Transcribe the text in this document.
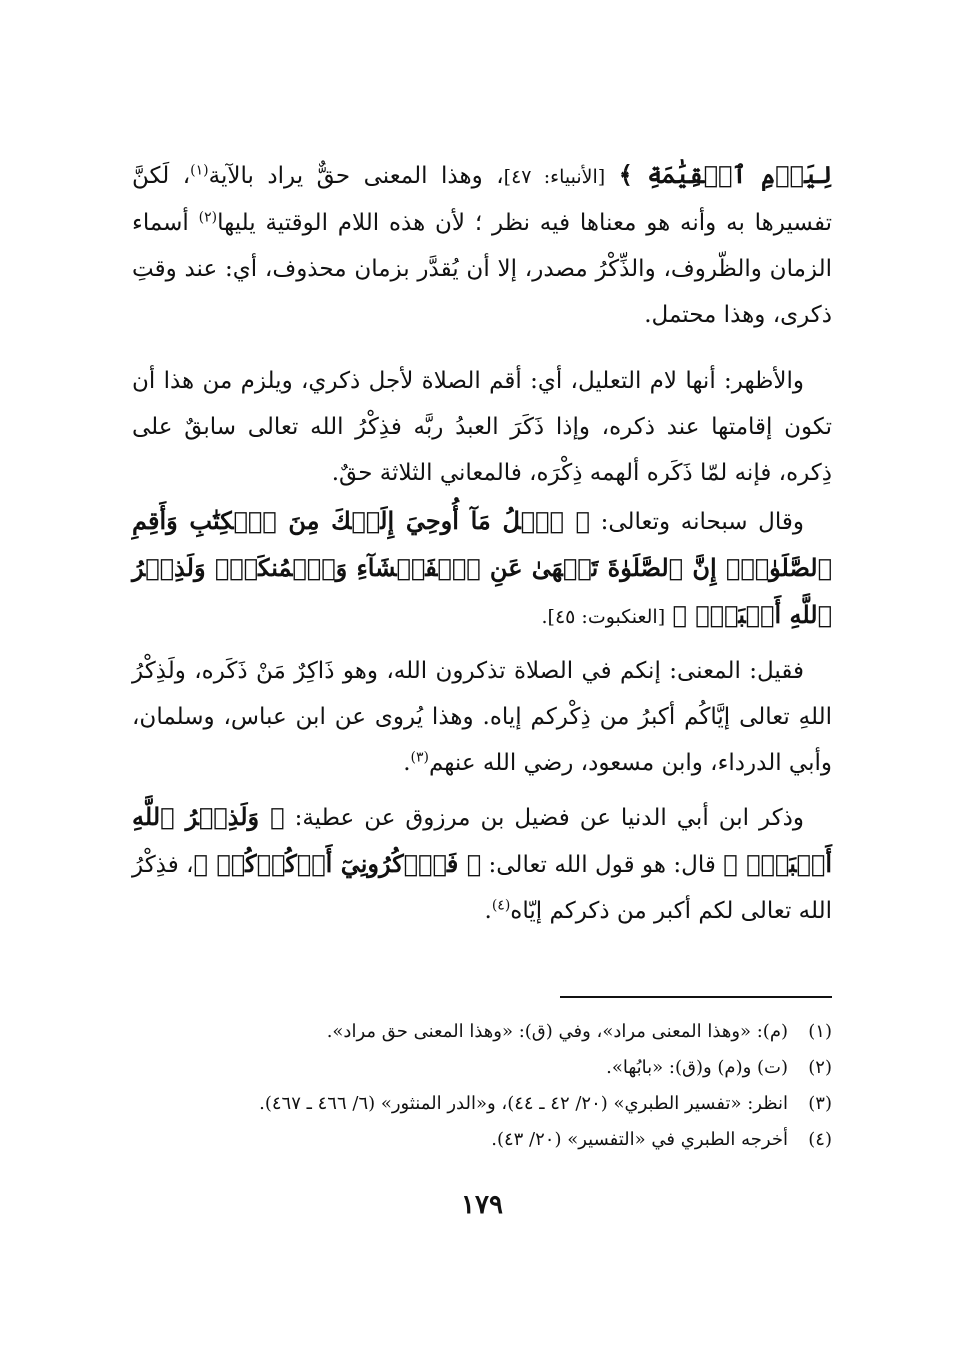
لِيَوۡمِ ٱلۡقِيَٰمَةِ ﴾ [الأنبياء: ٤٧]، وهذا المعنى حقٌّ يراد بالآية$^{(١)}$، لَكنَّ تفسيرها به وأنه هو معناها فيه نظر ؛ لأن هذه اللام الوقتية يليها$^{(٢)}$ أسماء الزمان والظّروف، والذِّكْرُ مصدر، إلا أن يُقدَّر بزمان محذوف، أي: عند وقتِ ذكرى، وهذا محتمل.

والأظهر: أنها لام التعليل، أي: أقم الصلاة لأجل ذكري، ويلزم من هذا أن تكون إقامتها عند ذكره، وإذا ذَكَرَ العبدُ ربَّه فذِكْرُ الله تعالى سابقٌ على ذِكره، فإنه لمّا ذَكَره ألهمه ذِكْرَه، فالمعاني الثلاثة حقٌ.

وقال سبحانه وتعالى: ﴿ ٱتۡلُ مَآ أُوحِيَ إِلَيۡكَ مِنَ ٱلۡكِتَٰبِ وَأَقِمِ ٱلصَّلَوٰةَۖ إِنَّ ٱلصَّلَوٰةَ تَنۡهَىٰ عَنِ ٱلۡفَحۡشَآءِ وَٱلۡمُنكَرِۗ وَلَذِكۡرُ ٱللَّهِ أَكۡبَرُۗ ﴾ [العنكبوت: ٤٥].

فقيل: المعنى: إنكم في الصلاة تذكرون الله، وهو ذَاكِرٌ مَنْ ذَكَره، ولَذِكْرُ اللهِ تعالى إيَّاكُم أكبرُ من ذِكْركم إياه. وهذا يُروى عن ابن عباس، وسلمان، وأبي الدرداء، وابن مسعود، رضي الله عنهم$^{(٣)}$.

وذكر ابن أبي الدنيا عن فضيل بن مرزوق عن عطية: ﴿ وَلَذِكۡرُ ٱللَّهِ أَكۡبَرُۗ ﴾ قال: هو قول الله تعالى: ﴿ فَٱذۡكُرُونِيٓ أَذۡكُرۡكُمۡ ﴾، فذِكْرُ الله تعالى لكم أكبر من ذكركم إيّاه$^{(٤)}$.

(١)(م): «وهذا المعنى مراد»، وفي (ق): «وهذا المعنى حق مراد».
(٢)(ت) و(م) و(ق): «بابُها».
(٣)انظر: «تفسير الطبري» (٢٠/ ٤٢ ـ ٤٤)، و«الدر المنثور» (٦/ ٤٦٦ ـ ٤٦٧).
(٤)أخرجه الطبري في «التفسير» (٢٠/ ٤٣).
١٧٩
